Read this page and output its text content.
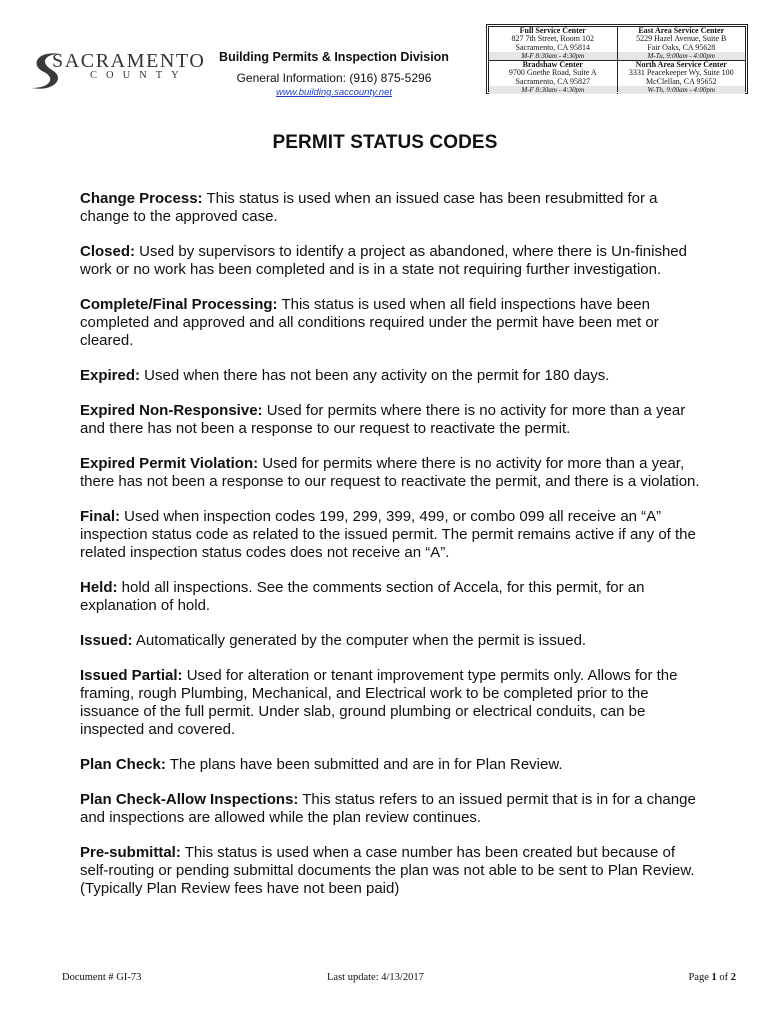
SACRAMENTO
COUNTY
Building Permits & Inspection Division
General Information: (916) 875-5296
www.building.saccounty.net
Full Service Center
827 7th Street, Room 102
Sacramento, CA 95814
M-F 8:30am - 4:30pm
East Area Service Center
5229 Hazel Avenue, Suite B
Fair Oaks, CA 95628
M-Tu, 9:00am - 4:00pm
Bradshaw Center
9700 Goethe Road, Suite A
Sacramento, CA 95827
M-F 8:30am - 4:30pm
North Area Service Center
3331 Peacekeeper Wy, Suite 100
McClellan, CA 95652
W-Th, 9:00am - 4:00pm
PERMIT STATUS CODES

Change Process: This status is used when an issued case has been resubmitted for a change to the approved case.

Closed: Used by supervisors to identify a project as abandoned, where there is Un-finished work or no work has been completed and is in a state not requiring further investigation.

Complete/Final Processing: This status is used when all field inspections have been completed and approved and all conditions required under the permit have been met or cleared.

Expired: Used when there has not been any activity on the permit for 180 days.

Expired Non-Responsive: Used for permits where there is no activity for more than a year and there has not been a response to our request to reactivate the permit.

Expired Permit Violation: Used for permits where there is no activity for more than a year, there has not been a response to our request to reactivate the permit, and there is a violation.

Final: Used when inspection codes 199, 299, 399, 499, or combo 099 all receive an “A” inspection status code as related to the issued permit. The permit remains active if any of the related inspection status codes does not receive an “A”.

Held: hold all inspections. See the comments section of Accela, for this permit, for an explanation of hold.

Issued: Automatically generated by the computer when the permit is issued.

Issued Partial: Used for alteration or tenant improvement type permits only. Allows for the framing, rough Plumbing, Mechanical, and Electrical work to be completed prior to the issuance of the full permit. Under slab, ground plumbing or electrical conduits, can be inspected and covered.

Plan Check: The plans have been submitted and are in for Plan Review.

Plan Check-Allow Inspections: This status refers to an issued permit that is in for a change and inspections are allowed while the plan review continues.

Pre-submittal: This status is used when a case number has been created but because of self-routing or pending submittal documents the plan was not able to be sent to Plan Review. (Typically Plan Review fees have not been paid)

Document # GI-73	Last update: 4/13/2017	Page 1 of 2
